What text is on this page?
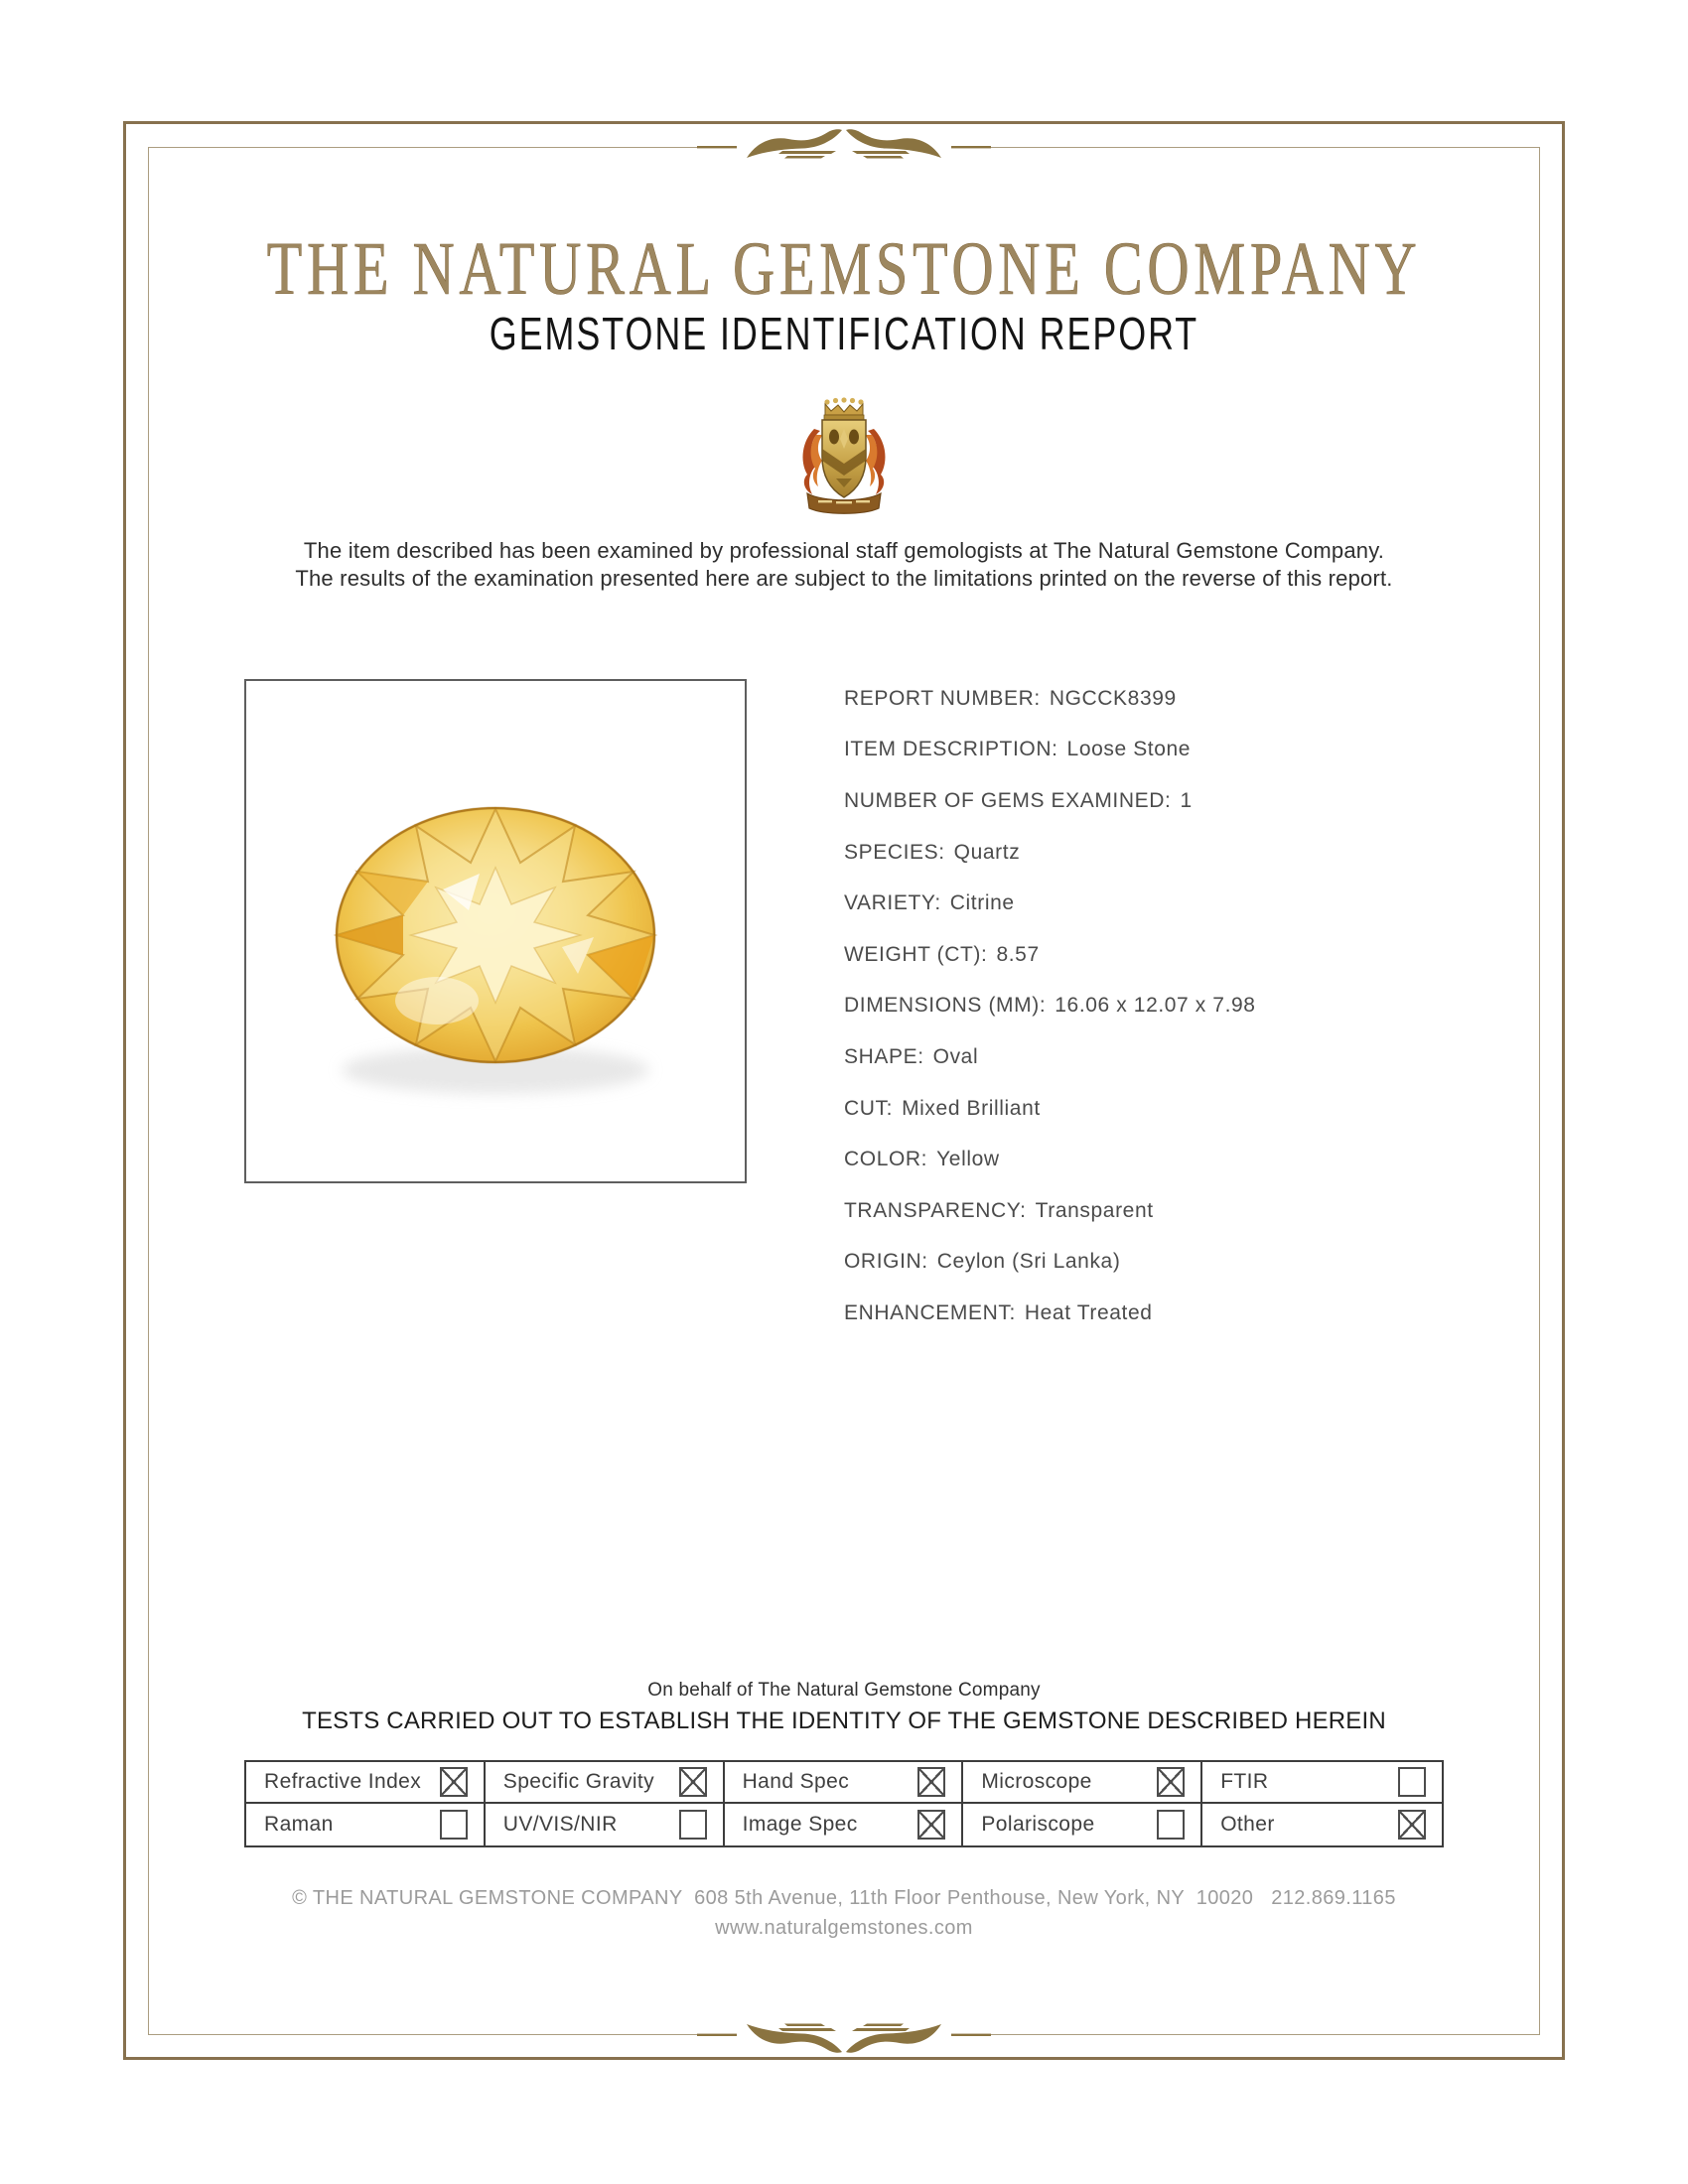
THE NATURAL GEMSTONE COMPANY
GEMSTONE IDENTIFICATION REPORT
The item described has been examined by professional staff gemologists at The Natural Gemstone Company.
The results of the examination presented here are subject to the limitations printed on the reverse of this report.
REPORT NUMBER: NGCCK8399
ITEM DESCRIPTION: Loose Stone
NUMBER OF GEMS EXAMINED: 1
SPECIES: Quartz
VARIETY: Citrine
WEIGHT (CT): 8.57
DIMENSIONS (MM): 16.06 x 12.07 x 7.98
SHAPE: Oval
CUT: Mixed Brilliant
COLOR: Yellow
TRANSPARENCY: Transparent
ORIGIN: Ceylon (Sri Lanka)
ENHANCEMENT: Heat Treated
On behalf of The Natural Gemstone Company
TESTS CARRIED OUT TO ESTABLISH THE IDENTITY OF THE GEMSTONE DESCRIBED HEREIN
Refractive Index	Specific Gravity	Hand Spec	Microscope	FTIR
Raman	UV/VIS/NIR	Image Spec	Polariscope	Other
© THE NATURAL GEMSTONE COMPANY  608 5th Avenue, 11th Floor Penthouse, New York, NY  10020   212.869.1165
www.naturalgemstones.com
